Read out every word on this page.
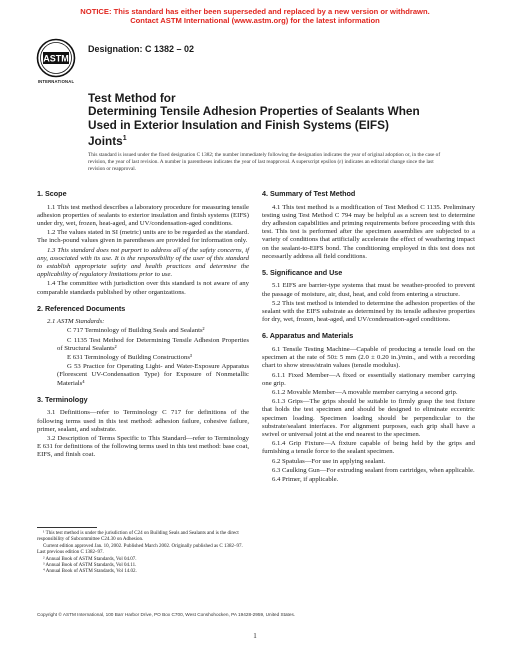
NOTICE: This standard has either been superseded and replaced by a new version or withdrawn.
Contact ASTM International (www.astm.org) for the latest information
ASTM
INTERNATIONAL
Designation: C 1382 – 02
Test Method for
Determining Tensile Adhesion Properties of Sealants When
Used in Exterior Insulation and Finish Systems (EIFS)
Joints$^1$
This standard is issued under the fixed designation C 1382; the number immediately following the designation indicates the year of original adoption or, in the case of revision, the year of last revision. A number in parentheses indicates the year of last reapproval. A superscript epsilon (ε) indicates an editorial change since the last revision or reapproval.
1. Scope

1.1 This test method describes a laboratory procedure for measuring tensile adhesion properties of sealants to exterior insulation and finish systems (EIFS) under dry, wet, frozen, heat-aged, and UV/condensation-aged conditions.

1.2 The values stated in SI (metric) units are to be regarded as the standard. The inch-pound values given in parentheses are provided for information only.

1.3 This standard does not purport to address all of the safety concerns, if any, associated with its use. It is the responsibility of the user of this standard to establish appropriate safety and health practices and determine the applicability of regulatory limitations prior to use.

1.4 The committee with jurisdiction over this standard is not aware of any comparable standards published by other organizations.

2. Referenced Documents

2.1 ASTM Standards:

C 717 Terminology of Building Seals and Sealants²

C 1135 Test Method for Determining Tensile Adhesion Properties of Structural Sealants²

E 631 Terminology of Building Constructions³

G 53 Practice for Operating Light- and Water-Exposure Apparatus (Florescent UV-Condensation Type) for Exposure of Nonmetallic Materials⁴

3. Terminology

3.1 Definitions—refer to Terminology C 717 for definitions of the following terms used in this test method: adhesion failure, cohesive failure, primer, sealant, and substrate.

3.2 Description of Terms Specific to This Standard—refer to Terminology E 631 for definitions of the following terms used in this test method: base coat, EIFS, and finish coat.

¹ This test method is under the jurisdiction of C24 on Building Seals and Sealants and is the direct responsibility of Subcommittee C24.30 on Adhesion.

Current edition approved Jan. 10, 2002. Published March 2002. Originally published as C 1382–97. Last previous edition C 1382–97.

² Annual Book of ASTM Standards, Vol 04.07.

³ Annual Book of ASTM Standards, Vol 04.11.

⁴ Annual Book of ASTM Standards, Vol 14.02.

4. Summary of Test Method

4.1 This test method is a modification of Test Method C 1135. Preliminary testing using Test Method C 794 may be helpful as a screen test to determine dry adhesion capabilities and priming requirements before proceeding with this test. This test is performed after the specimen assemblies are subjected to a variety of conditions that artificially accelerate the effect of weathering impact on the sealant-to-EIFS bond. The conditioning employed in this test does not necessarily address all field conditions.

5. Significance and Use

5.1 EIFS are barrier-type systems that must be weather-proofed to prevent the passage of moisture, air, dust, heat, and cold from entering a structure.

5.2 This test method is intended to determine the adhesion properties of the sealant with the EIFS substrate as determined by its tensile adhesive properties for dry, wet, frozen, heat-aged, and UV/condensation-aged conditions.

6. Apparatus and Materials

6.1 Tensile Testing Machine—Capable of producing a tensile load on the specimen at the rate of 50± 5 mm (2.0 ± 0.20 in.)/min., and with a recording chart to show stress/strain values (tensile modulus).

6.1.1 Fixed Member—A fixed or essentially stationary member carrying one grip.

6.1.2 Movable Member—A movable member carrying a second grip.

6.1.3 Grips—The grips should be suitable to firmly grasp the test fixture that holds the test specimen and should be designed to eliminate eccentric specimen loading. Specimen loading should be perpendicular to the substrate/sealant interfaces. For alignment purposes, each grip shall have a swivel or universal joint at the end nearest to the specimen.

6.1.4 Grip Fixture—A fixture capable of being held by the grips and furnishing a tensile force to the sealant specimen.

6.2 Spatulas—For use in applying sealant.

6.3 Caulking Gun—For extruding sealant from cartridges, when applicable.

6.4 Primer, if applicable.

Copyright © ASTM International, 100 Barr Harbor Drive, PO Box C700, West Conshohocken, PA 19428-2959, United States.
1
